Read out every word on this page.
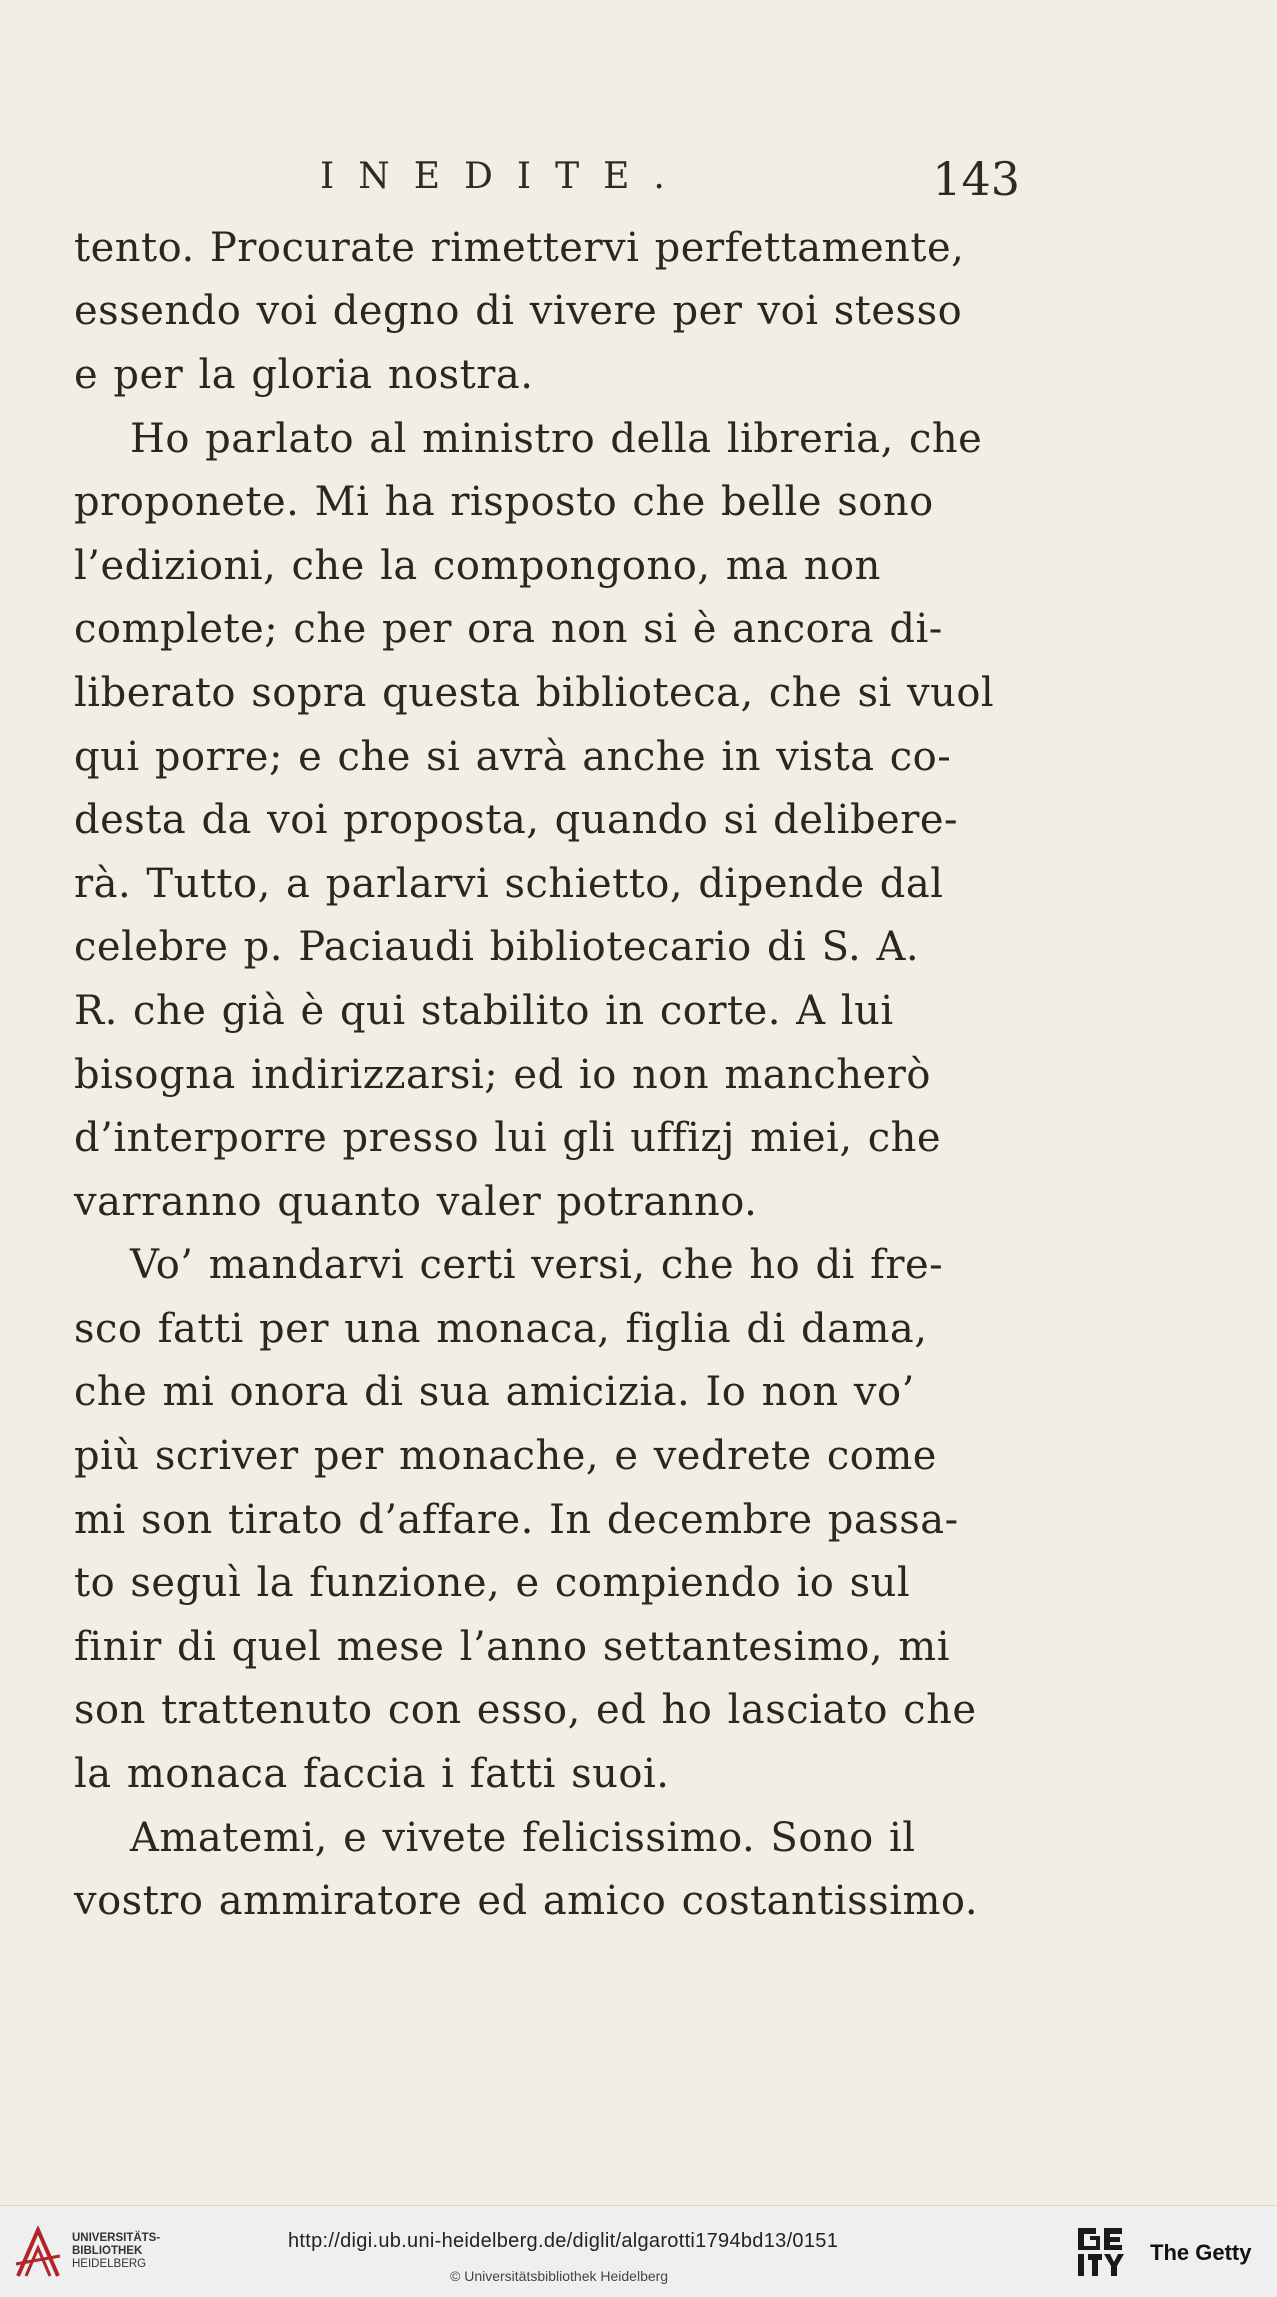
INEDITE.	143
tento. Procurate rimettervi perfettamente,
essendo voi degno di vivere per voi stesso
e per la gloria nostra.
Ho parlato al ministro della libreria, che
proponete. Mi ha risposto che belle sono
l’edizioni, che la compongono, ma non
complete; che per ora non si è ancora di-
liberato sopra questa biblioteca, che si vuol
qui porre; e che si avrà anche in vista co-
desta da voi proposta, quando si delibere-
rà. Tutto, a parlarvi schietto, dipende dal
celebre p. Paciaudi bibliotecario di S. A.
R. che già è qui stabilito in corte. A lui
bisogna indirizzarsi; ed io non mancherò
d’interporre presso lui gli uffizj miei, che
varranno quanto valer potranno.
Vo’ mandarvi certi versi, che ho di fre-
sco fatti per una monaca, figlia di dama,
che mi onora di sua amicizia. Io non vo’
più scriver per monache, e vedrete come
mi son tirato d’affare. In decembre passa-
to seguì la funzione, e compiendo io sul
finir di quel mese l’anno settantesimo, mi
son trattenuto con esso, ed ho lasciato che
la monaca faccia i fatti suoi.
Amatemi, e vivete felicissimo. Sono il
vostro ammiratore ed amico costantissimo.
UNIVERSITÄTS-
BIBLIOTHEK
HEIDELBERG
http://digi.ub.uni-heidelberg.de/diglit/algarotti1794bd13/0151
© Universitätsbibliothek Heidelberg
The Getty
